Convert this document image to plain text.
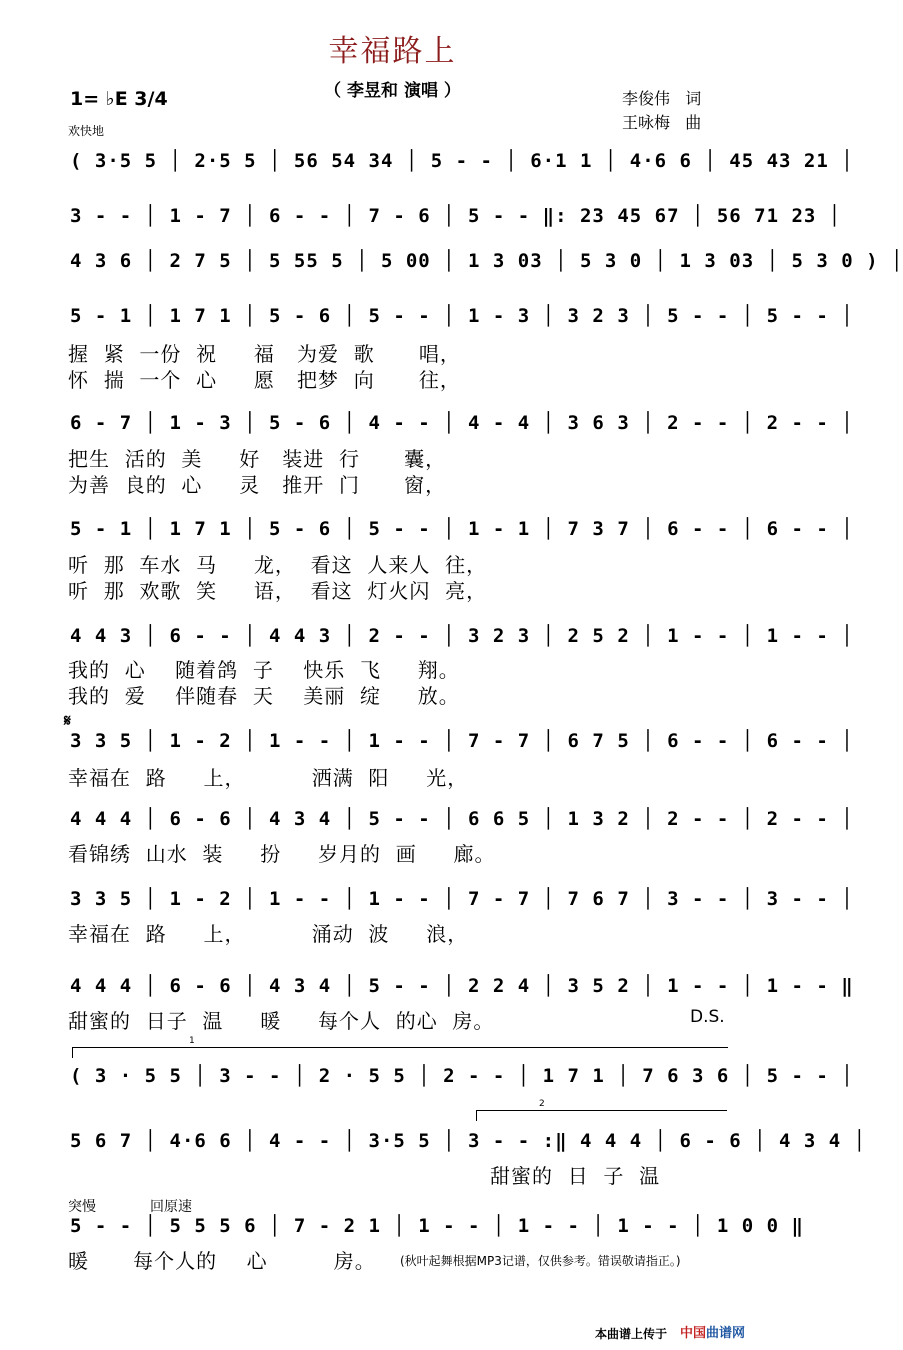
幸福路上
（ 李昱和 演唱 ）
1= ♭E 3/4
欢快地
李俊伟   词
王咏梅   曲
( 3·5 5 │ 2·5 5 │ 56 54 34 │ 5 - - │ 6·1 1 │ 4·6 6 │ 45 43 21 │
3 - - │ 1 - 7 │ 6 - - │ 7 - 6 │ 5 - - ‖: 23 45 67 │ 56 71 23 │
4 3 6 │ 2 7 5 │ 5 55 5 │ 5 00 │ 1 3 03 │ 5 3 0 │ 1 3 03 │ 5 3 0 ) │
5 - 1 │ 1 7 1 │ 5 - 6 │ 5 - - │ 1 - 3 │ 3 2 3 │ 5 - - │ 5 - - │
握  紧  一份  祝     福   为爱  歌      唱，
怀  揣  一个  心     愿   把梦  向      往，
6 - 7 │ 1 - 3 │ 5 - 6 │ 4 - - │ 4 - 4 │ 3 6 3 │ 2 - - │ 2 - - │
把生  活的  美     好   装进  行      囊，
为善  良的  心     灵   推开  门      窗，
5 - 1 │ 1 7 1 │ 5 - 6 │ 5 - - │ 1 - 1 │ 7 3 7 │ 6 - - │ 6 - - │
听  那  车水  马     龙，  看这  人来人  往，
听  那  欢歌  笑     语，  看这  灯火闪  亮，
4 4 3 │ 6 - - │ 4 4 3 │ 2 - - │ 3 2 3 │ 2 5 2 │ 1 - - │ 1 - - │
我的  心    随着鸽  子    快乐  飞     翔。
我的  爱    伴随春  天    美丽  绽     放。
𝄋
3 3 5 │ 1 - 2 │ 1 - - │ 1 - - │ 7 - 7 │ 6 7 5 │ 6 - - │ 6 - - │
幸福在  路     上，         洒满  阳     光，
4 4 4 │ 6 - 6 │ 4 3 4 │ 5 - - │ 6 6 5 │ 1 3 2 │ 2 - - │ 2 - - │
看锦绣  山水  装     扮     岁月的  画     廊。
3 3 5 │ 1 - 2 │ 1 - - │ 1 - - │ 7 - 7 │ 7 6 7 │ 3 - - │ 3 - - │
幸福在  路     上，         涌动  波     浪，
4 4 4 │ 6 - 6 │ 4 3 4 │ 5 - - │ 2 2 4 │ 3 5 2 │ 1 - - │ 1 - - ‖
甜蜜的  日子  温     暖     每个人  的心  房。	D.S.
1
( 3 · 5 5 │ 3 - - │ 2 · 5 5 │ 2 - - │ 1 7 1 │ 7 6 3 6 │ 5 - - │
2
5 6 7 │ 4·6 6 │ 4 - - │ 3·5 5 │ 3 - - :‖ 4 4 4 │ 6 - 6 │ 4 3 4 │
甜蜜的  日  子  温
突慢	回原速
5 - - │ 5 5 5 6 │ 7 - 2 1 │ 1 - - │ 1 - - │ 1 - - │ 1 0 0 ‖
暖      每个人的    心         房。 (秋叶起舞根据MP3记谱，仅供参考。错误敬请指正。)
本曲谱上传于 中国曲谱网
